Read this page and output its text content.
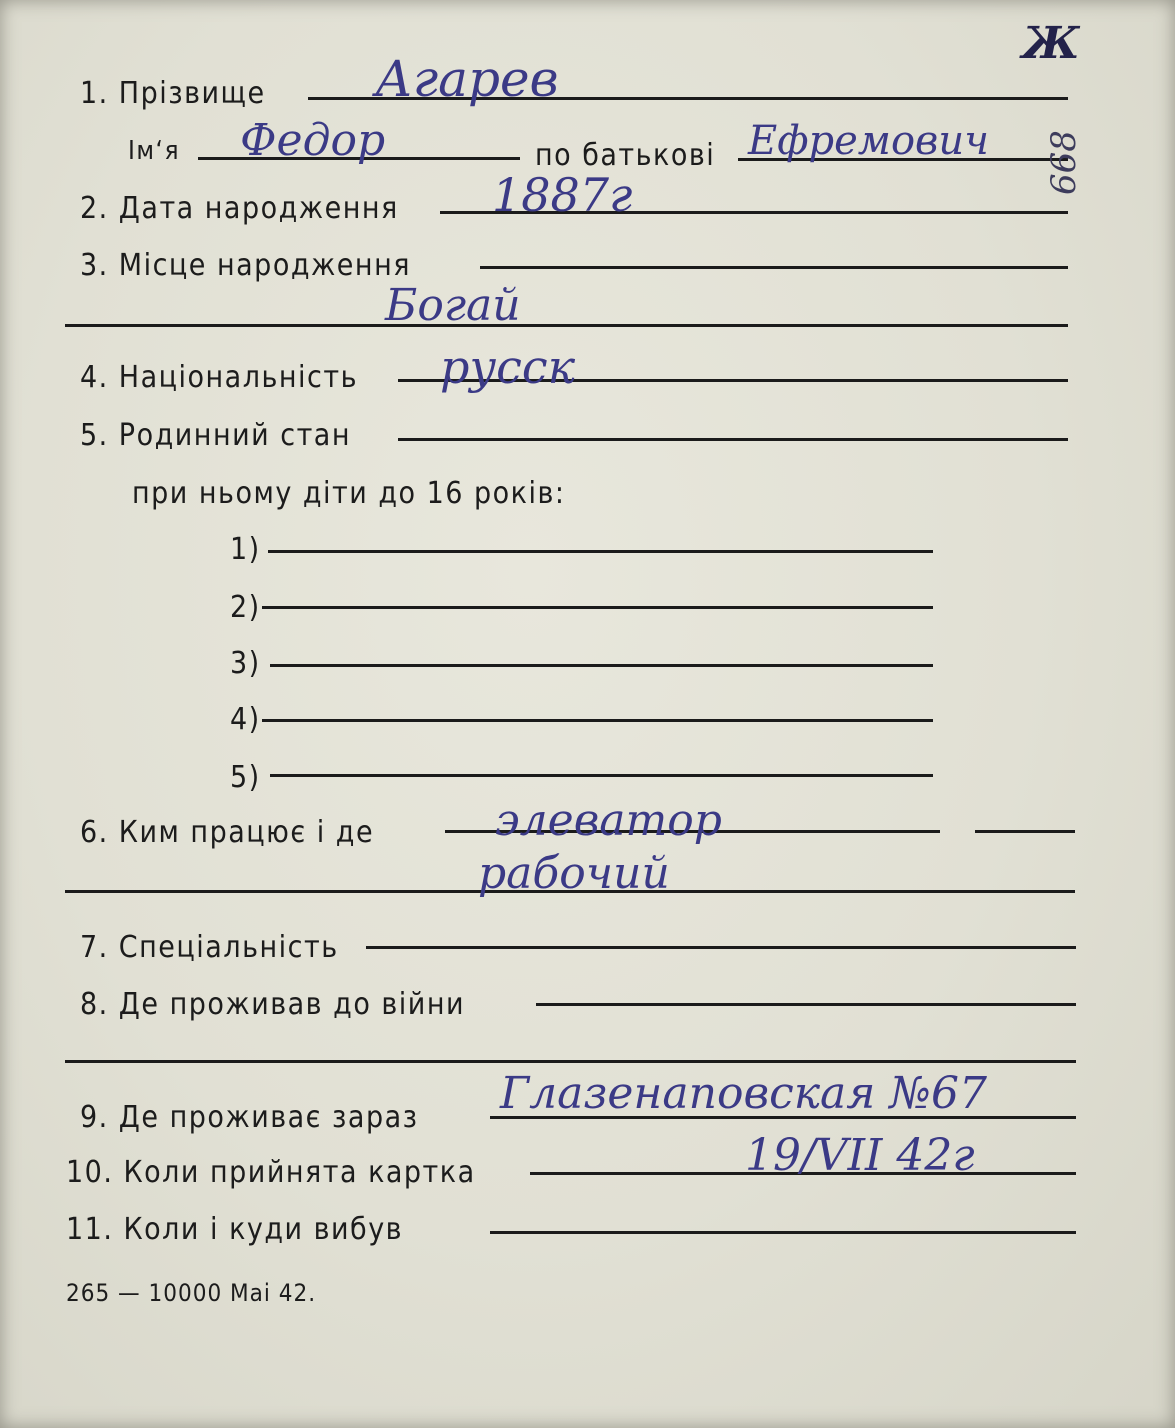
1. Прізвище Агарев
Ім‘я Федор	по батькові Ефремович
2. Дата народження 1887г
3. Місце народження
Богай
4. Національність русск
5. Родинний стан
при ньому діти до 16 років:
1)
2)
3)
4)
5)
6. Ким працює і де	элеватор
рабочий
7. Спеціальність
8. Де проживав до війни
9. Де проживає зараз Глазенаповская №67
10. Коли прийнята картка	19/VII 42г
11. Коли і куди вибув
265 — 10000 Mai 42.
Ж
668
